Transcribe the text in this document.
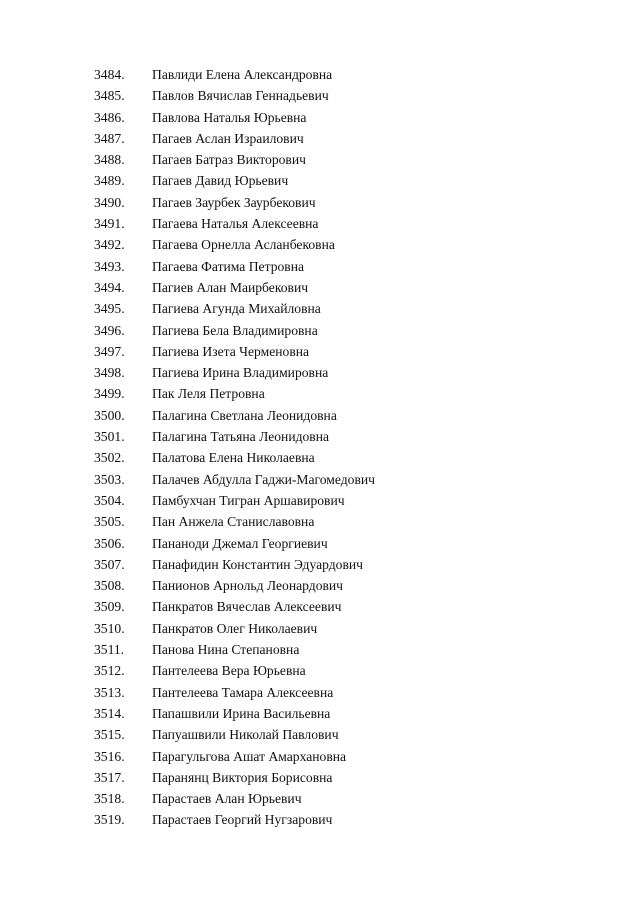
3484.	Павлиди Елена Александровна
3485.	Павлов Вячислав Геннадьевич
3486.	Павлова Наталья Юрьевна
3487.	Пагаев Аслан Израилович
3488.	Пагаев Батраз Викторович
3489.	Пагаев Давид Юрьевич
3490.	Пагаев Заурбек Заурбекович
3491.	Пагаева Наталья Алексеевна
3492.	Пагаева Орнелла Асланбековна
3493.	Пагаева Фатима Петровна
3494.	Пагиев Алан Маирбекович
3495.	Пагиева Агунда Михайловна
3496.	Пагиева Бела Владимировна
3497.	Пагиева Изета Черменовна
3498.	Пагиева Ирина Владимировна
3499.	Пак Леля Петровна
3500.	Палагина Светлана Леонидовна
3501.	Палагина Татьяна Леонидовна
3502.	Палатова Елена Николаевна
3503.	Палачев Абдулла Гаджи-Магомедович
3504.	Памбухчан Тигран Аршавирович
3505.	Пан Анжела Станиславовна
3506.	Пананоди Джемал Георгиевич
3507.	Панафидин Константин Эдуардович
3508.	Панионов Арнольд Леонардович
3509.	Панкратов Вячеслав Алексеевич
3510.	Панкратов Олег Николаевич
3511.	Панова Нина Степановна
3512.	Пантелеева Вера Юрьевна
3513.	Пантелеева Тамара Алексеевна
3514.	Папашвили Ирина Васильевна
3515.	Папуашвили Николай Павлович
3516.	Парагульгова Ашат Амархановна
3517.	Паранянц Виктория Борисовна
3518.	Парастаев Алан Юрьевич
3519.	Парастаев Георгий Нугзарович
